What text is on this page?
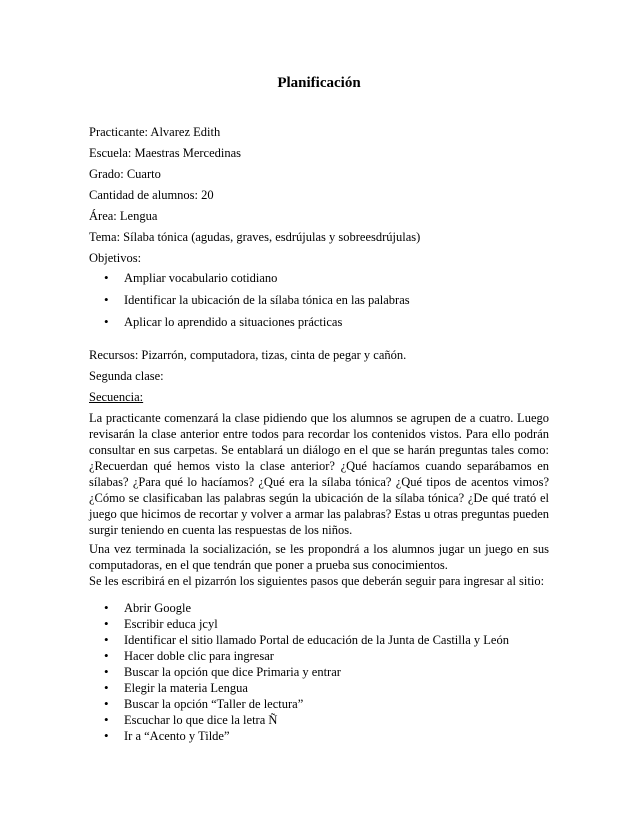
Planificación
Practicante: Alvarez Edith
Escuela: Maestras Mercedinas
Grado: Cuarto
Cantidad de alumnos: 20
Área: Lengua
Tema: Sílaba tónica (agudas, graves, esdrújulas y sobreesdrújulas)
Objetivos:
• Ampliar vocabulario cotidiano
• Identificar la ubicación de la sílaba tónica en las palabras
• Aplicar lo aprendido a situaciones prácticas
Recursos: Pizarrón, computadora, tizas, cinta de pegar y cañón.
Segunda clase:
Secuencia:

La practicante comenzará la clase pidiendo que los alumnos se agrupen de a cuatro. Luego revisarán la clase anterior entre todos para recordar los contenidos vistos. Para ello podrán consultar en sus carpetas. Se entablará un diálogo en el que se harán preguntas tales como: ¿Recuerdan qué hemos visto la clase anterior? ¿Qué hacíamos cuando separábamos en sílabas? ¿Para qué lo hacíamos? ¿Qué era la sílaba tónica? ¿Qué tipos de acentos vimos? ¿Cómo se clasificaban las palabras según la ubicación de la sílaba tónica? ¿De qué trató el juego que hicimos de recortar y volver a armar las palabras? Estas u otras preguntas pueden surgir teniendo en cuenta las respuestas de los niños.

Una vez terminada la socialización, se les propondrá a los alumnos jugar un juego en sus computadoras, en el que tendrán que poner a prueba sus conocimientos.

Se les escribirá en el pizarrón los siguientes pasos que deberán seguir para ingresar al sitio:

• Abrir Google
• Escribir educa jcyl
• Identificar el sitio llamado Portal de educación de la Junta de Castilla y León
• Hacer doble clic para ingresar
• Buscar la opción que dice Primaria y entrar
• Elegir la materia Lengua
• Buscar la opción “Taller de lectura”
• Escuchar lo que dice la letra Ñ
• Ir a “Acento y Tilde”
